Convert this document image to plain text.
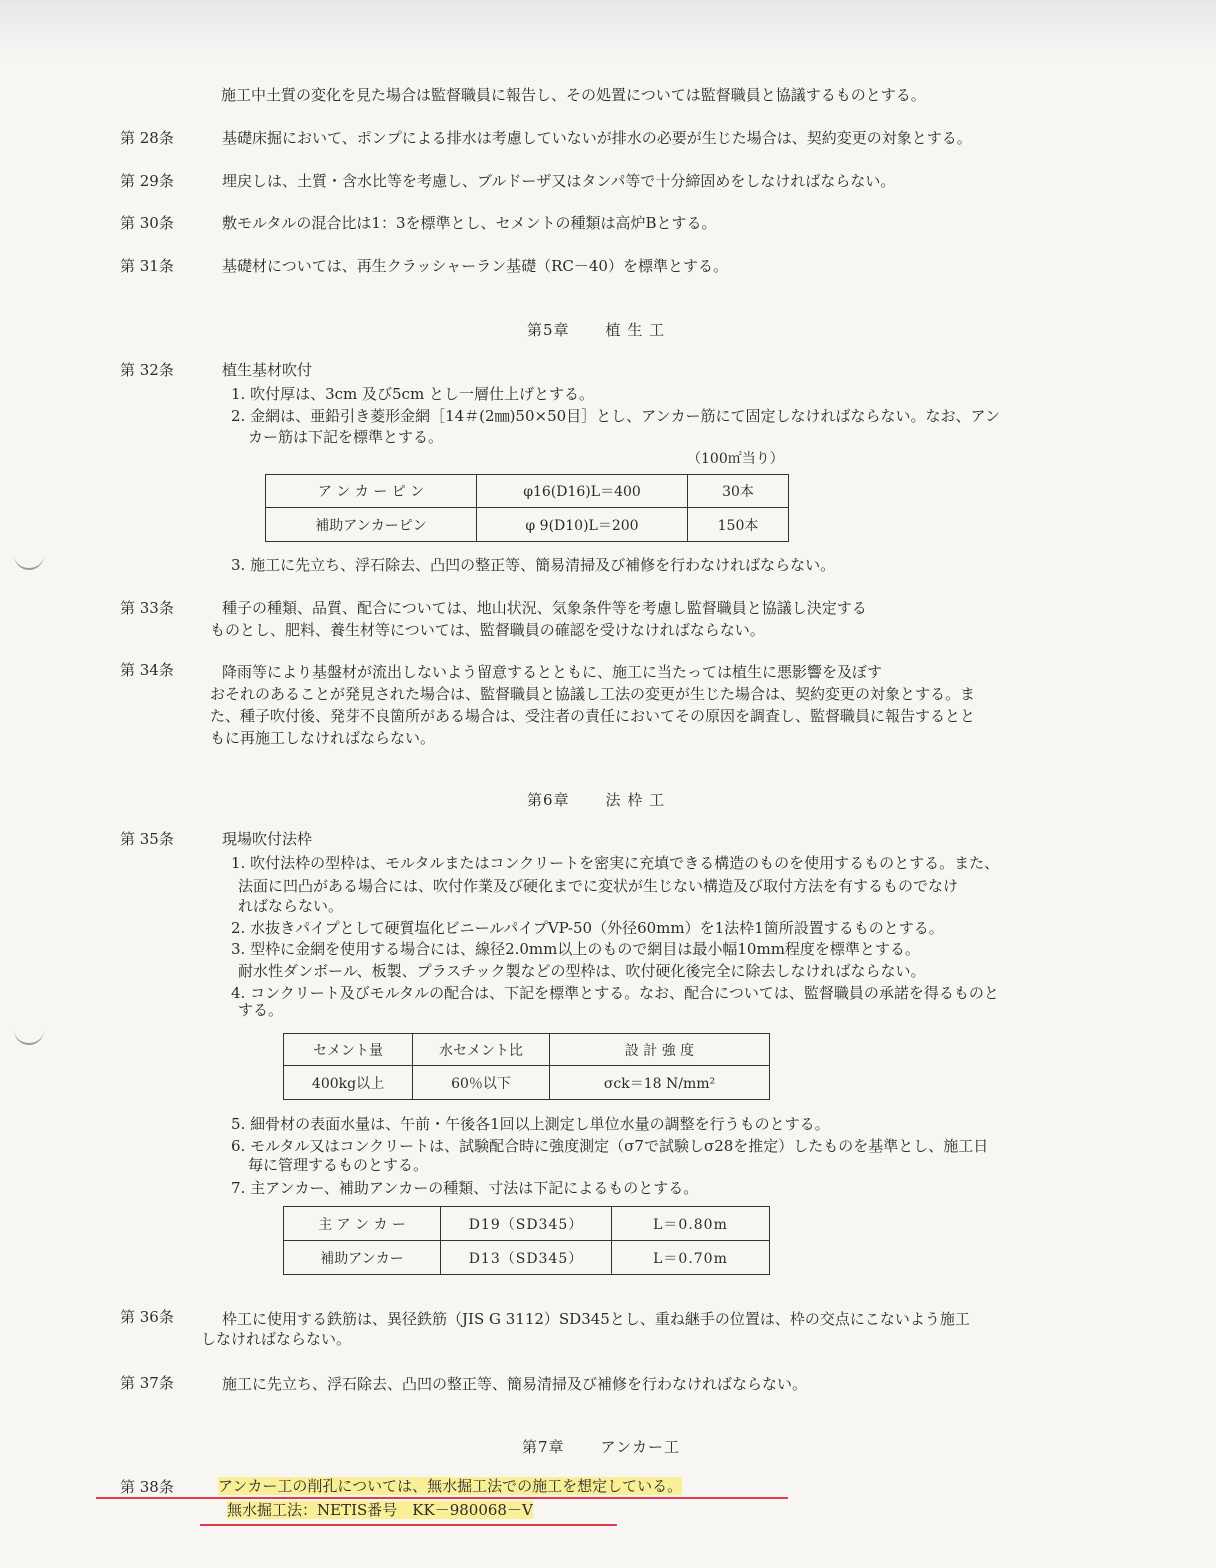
施工中土質の変化を見た場合は監督職員に報告し、その処置については監督職員と協議するものとする。
第 28条	基礎床掘において、ポンプによる排水は考慮していないが排水の必要が生じた場合は、契約変更の対象とする。
第 29条	埋戻しは、土質・含水比等を考慮し、ブルドーザ又はタンパ等で十分締固めをしなければならない。
第 30条	敷モルタルの混合比は1：3を標準とし、セメントの種類は高炉Bとする。
第 31条	基礎材については、再生クラッシャーラン基礎（RC－40）を標準とする。
第5章 植 生 工
第 32条	植生基材吹付
1. 吹付厚は、3cm 及び5cm とし一層仕上げとする。
2. 金網は、亜鉛引き菱形金網［14＃(2㎜)50×50目］とし、アンカー筋にて固定しなければならない。なお、アン
カー筋は下記を標準とする。
（100㎡当り）
ア ン カ ー ピ ン	φ16(D16)L＝400	30本
補助アンカーピン	φ 9(D10)L＝200	150本
3. 施工に先立ち、浮石除去、凸凹の整正等、簡易清掃及び補修を行わなければならない。
第 33条	種子の種類、品質、配合については、地山状況、気象条件等を考慮し監督職員と協議し決定する
ものとし、肥料、養生材等については、監督職員の確認を受けなければならない。
第 34条	降雨等により基盤材が流出しないよう留意するとともに、施工に当たっては植生に悪影響を及ぼす
おそれのあることが発見された場合は、監督職員と協議し工法の変更が生じた場合は、契約変更の対象とする。ま
た、種子吹付後、発芽不良箇所がある場合は、受注者の責任においてその原因を調査し、監督職員に報告するとと
もに再施工しなければならない。
第6章 法 枠 工
第 35条	現場吹付法枠
1. 吹付法枠の型枠は、モルタルまたはコンクリートを密実に充填できる構造のものを使用するものとする。また、
法面に凹凸がある場合には、吹付作業及び硬化までに変状が生じない構造及び取付方法を有するものでなけ
ればならない。
2. 水抜きパイプとして硬質塩化ビニールパイプVP-50（外径60mm）を1法枠1箇所設置するものとする。
3. 型枠に金網を使用する場合には、線径2.0mm以上のもので網目は最小幅10mm程度を標準とする。
耐水性ダンボール、板製、プラスチック製などの型枠は、吹付硬化後完全に除去しなければならない。
4. コンクリート及びモルタルの配合は、下記を標準とする。なお、配合については、監督職員の承諾を得るものと
する。
セメント量	水セメント比	設 計 強 度
400kg以上	60％以下	σck＝18 N/mm²
5. 細骨材の表面水量は、午前・午後各1回以上測定し単位水量の調整を行うものとする。
6. モルタル又はコンクリートは、試験配合時に強度測定（σ7で試験しσ28を推定）したものを基準とし、施工日
毎に管理するものとする。
7. 主アンカー、補助アンカーの種類、寸法は下記によるものとする。
主 ア ン カ ー	D19（SD345）	L＝0.80m
補助アンカー	D13（SD345）	L＝0.70m
第 36条	枠工に使用する鉄筋は、異径鉄筋（JIS G 3112）SD345とし、重ね継手の位置は、枠の交点にこないよう施工
しなければならない。
第 37条	施工に先立ち、浮石除去、凸凹の整正等、簡易清掃及び補修を行わなければならない。
第7章 アンカー工
第 38条	アンカー工の削孔については、無水掘工法での施工を想定している。
無水掘工法：NETIS番号　KK－980068－V
